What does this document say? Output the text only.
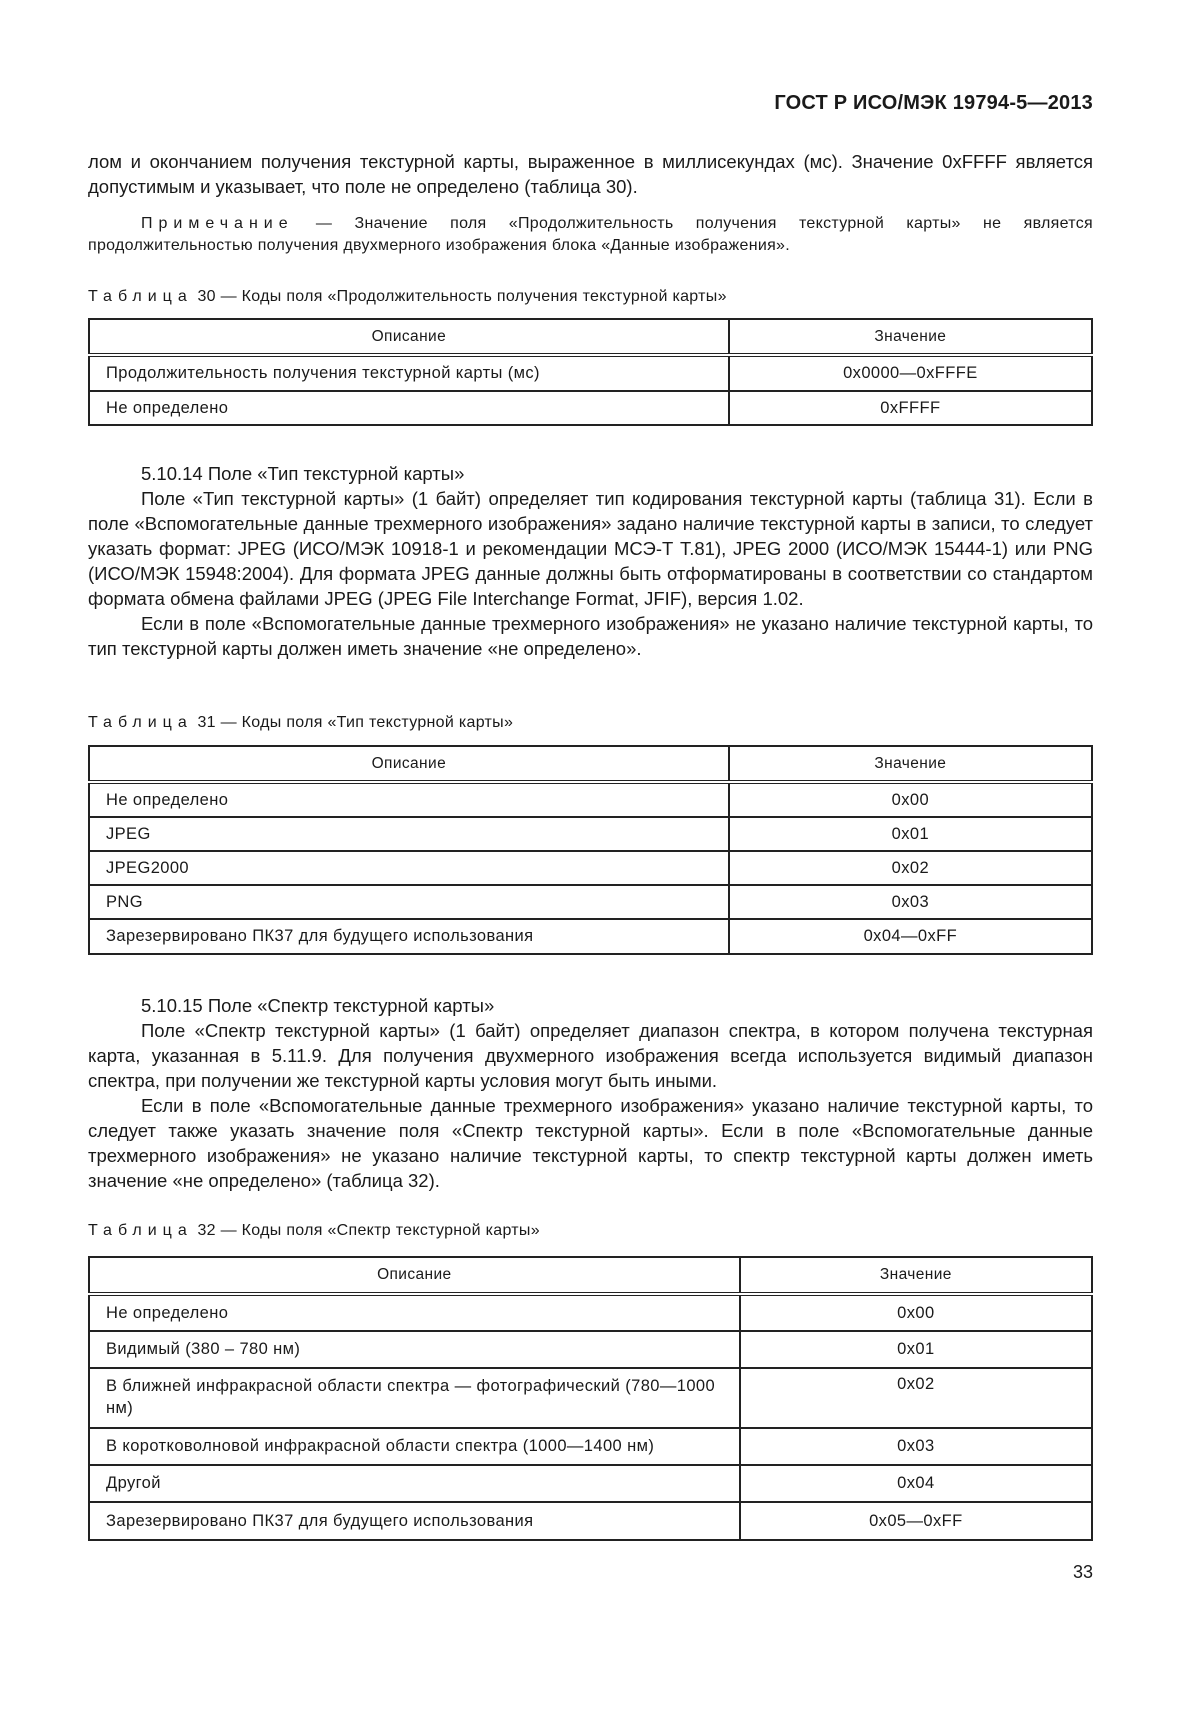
ГОСТ Р ИСО/МЭК 19794-5—2013

лом и окончанием получения текстурной карты, выраженное в миллисекундах (мс). Значение 0xFFFF является допустимым и указывает, что поле не определено (таблица 30).

Примечание — Значение поля «Продолжительность получения текстурной карты» не является продолжительностью получения двухмерного изображения блока «Данные изображения».

Таблица 30 — Коды поля «Продолжительность получения текстурной карты»

Описание	Значение
Продолжительность получения текстурной карты (мс)	0x0000—0xFFFE
Не определено	0xFFFF

5.10.14 Поле «Тип текстурной карты»

Поле «Тип текстурной карты» (1 байт) определяет тип кодирования текстурной карты (таблица 31). Если в поле «Вспомогательные данные трехмерного изображения» задано наличие текстурной карты в записи, то следует указать формат: JPEG (ИСО/МЭК 10918-1 и рекомендации МСЭ-Т Т.81), JPEG 2000 (ИСО/МЭК 15444-1) или PNG (ИСО/МЭК 15948:2004). Для формата JPEG данные должны быть отформатированы в соответствии со стандартом формата обмена файлами JPEG (JPEG File Interchange Format, JFIF), версия 1.02.

Если в поле «Вспомогательные данные трехмерного изображения» не указано наличие текстурной карты, то тип текстурной карты должен иметь значение «не определено».

Таблица 31 — Коды поля «Тип текстурной карты»

Описание	Значение
Не определено	0x00
JPEG	0x01
JPEG2000	0x02
PNG	0x03
Зарезервировано ПК37 для будущего использования	0x04—0xFF

5.10.15 Поле «Спектр текстурной карты»

Поле «Спектр текстурной карты» (1 байт) определяет диапазон спектра, в котором получена текстурная карта, указанная в 5.11.9. Для получения двухмерного изображения всегда используется видимый диапазон спектра, при получении же текстурной карты условия могут быть иными.

Если в поле «Вспомогательные данные трехмерного изображения» указано наличие текстурной карты, то следует также указать значение поля «Спектр текстурной карты». Если в поле «Вспомогательные данные трехмерного изображения» не указано наличие текстурной карты, то спектр текстурной карты должен иметь значение «не определено» (таблица 32).

Таблица 32 — Коды поля «Спектр текстурной карты»

Описание	Значение
Не определено	0x00
Видимый (380 – 780 нм)	0x01
В ближней инфракрасной области спектра — фотографический (780—1000 нм)	0x02
В коротковолновой инфракрасной области спектра (1000—1400 нм)	0x03
Другой	0x04
Зарезервировано ПК37 для будущего использования	0x05—0xFF
33
